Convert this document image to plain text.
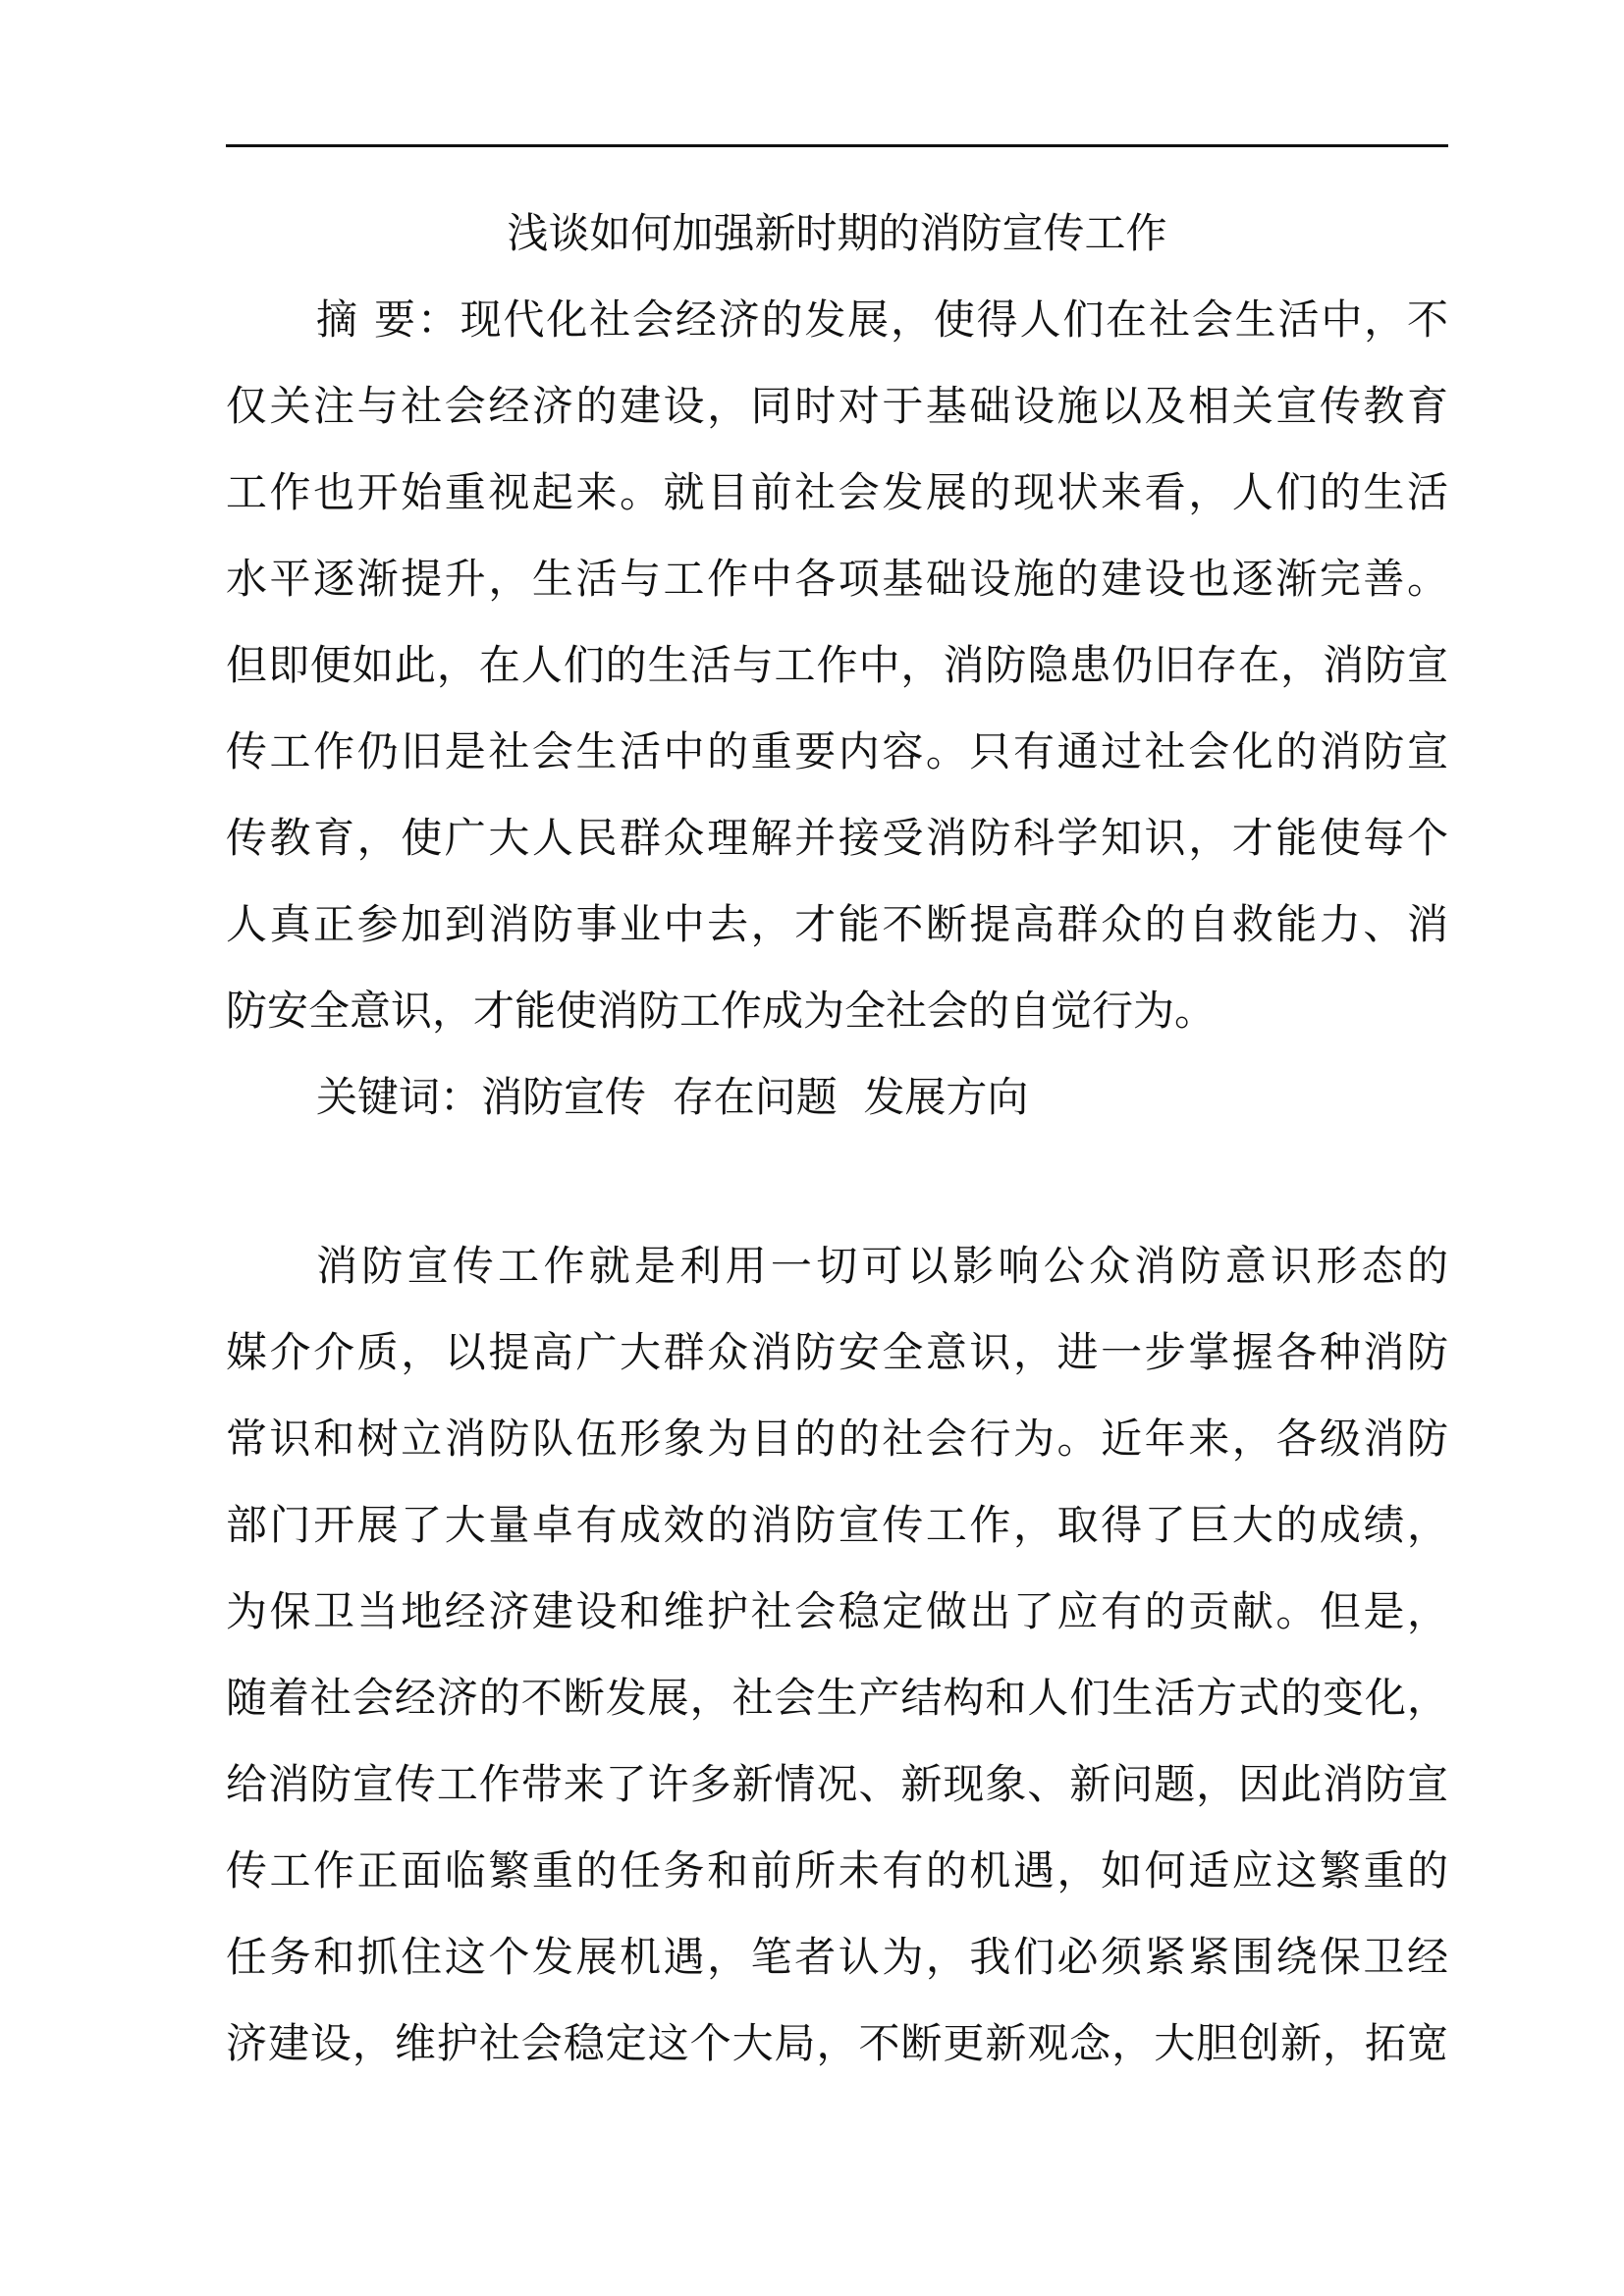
浅谈如何加强新时期的消防宣传工作
摘 要：现代化社会经济的发展，使得人们在社会生活中，不
仅关注与社会经济的建设，同时对于基础设施以及相关宣传教育
工作也开始重视起来。就目前社会发展的现状来看，人们的生活
水平逐渐提升，生活与工作中各项基础设施的建设也逐渐完善。
但即便如此，在人们的生活与工作中，消防隐患仍旧存在，消防宣
传工作仍旧是社会生活中的重要内容。只有通过社会化的消防宣
传教育，使广大人民群众理解并接受消防科学知识，才能使每个
人真正参加到消防事业中去，才能不断提高群众的自救能力、消
防安全意识，才能使消防工作成为全社会的自觉行为。
关键词：消防宣传  存在问题  发展方向
消防宣传工作就是利用一切可以影响公众消防意识形态的
媒介介质，以提高广大群众消防安全意识，进一步掌握各种消防
常识和树立消防队伍形象为目的的社会行为。近年来，各级消防
部门开展了大量卓有成效的消防宣传工作，取得了巨大的成绩，
为保卫当地经济建设和维护社会稳定做出了应有的贡献。但是，
随着社会经济的不断发展，社会生产结构和人们生活方式的变化，
给消防宣传工作带来了许多新情况、新现象、新问题，因此消防宣
传工作正面临繁重的任务和前所未有的机遇，如何适应这繁重的
任务和抓住这个发展机遇，笔者认为，我们必须紧紧围绕保卫经
济建设，维护社会稳定这个大局，不断更新观念，大胆创新，拓宽
